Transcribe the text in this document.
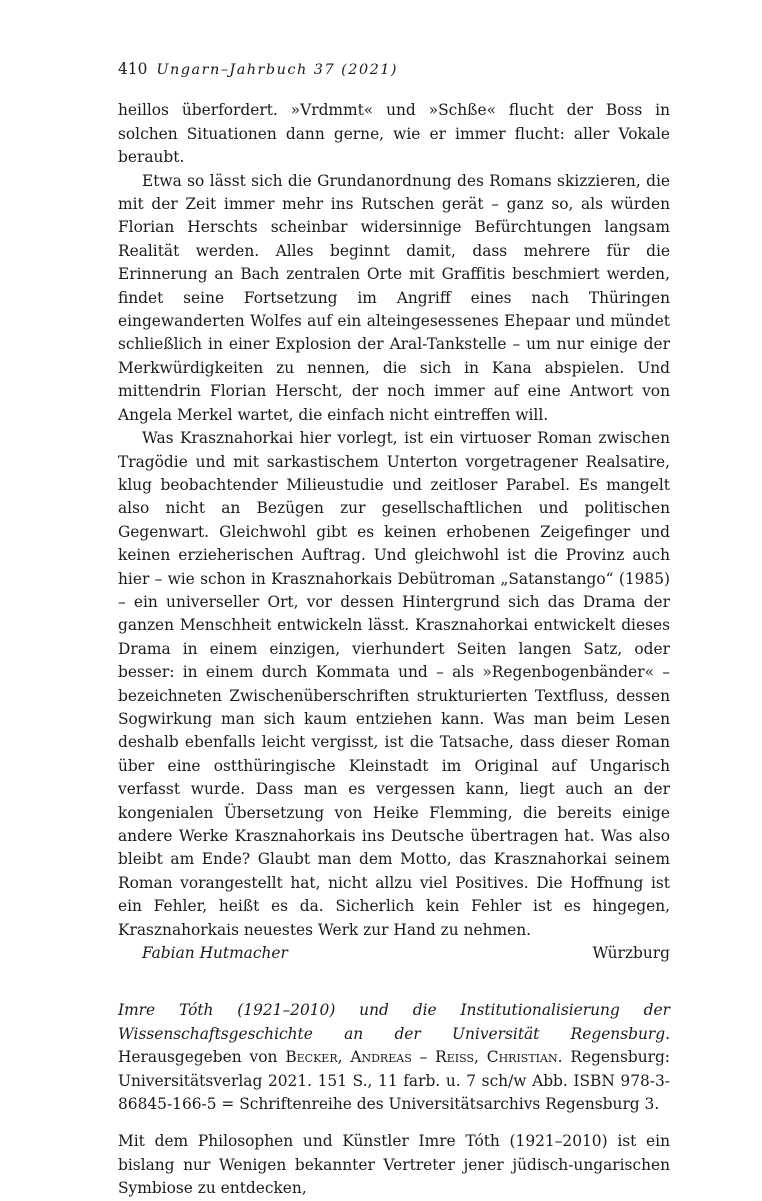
410 Ungarn–Jahrbuch 37 (2021)

heillos überfordert. »Vrdmmt« und »Schße« flucht der Boss in solchen Situationen dann gerne, wie er immer flucht: aller Vokale beraubt.

Etwa so lässt sich die Grundanordnung des Romans skizzieren, die mit der Zeit immer mehr ins Rutschen gerät – ganz so, als würden Florian Herschts scheinbar widersinnige Befürchtungen langsam Realität werden. Alles beginnt damit, dass mehrere für die Erinnerung an Bach zentralen Orte mit Graffitis beschmiert werden, findet seine Fortsetzung im Angriff eines nach Thüringen eingewanderten Wolfes auf ein alteingesessenes Ehepaar und mündet schließlich in einer Explosion der Aral-Tankstelle – um nur einige der Merkwürdigkeiten zu nennen, die sich in Kana abspielen. Und mittendrin Florian Herscht, der noch immer auf eine Antwort von Angela Merkel wartet, die einfach nicht eintreffen will.

Was Krasznahorkai hier vorlegt, ist ein virtuoser Roman zwischen Tragödie und mit sarkastischem Unterton vorgetragener Realsatire, klug beobachtender Milieustudie und zeitloser Parabel. Es mangelt also nicht an Bezügen zur gesellschaftlichen und politischen Gegenwart. Gleichwohl gibt es keinen erhobenen Zeigefinger und keinen erzieherischen Auftrag. Und gleichwohl ist die Provinz auch hier – wie schon in Krasznahorkais Debütroman „Satanstango“ (1985) – ein universeller Ort, vor dessen Hintergrund sich das Drama der ganzen Menschheit entwickeln lässt. Krasznahorkai entwickelt dieses Drama in einem einzigen, vierhundert Seiten langen Satz, oder besser: in einem durch Kommata und – als »Regenbogenbänder« – bezeichneten Zwischenüberschriften strukturierten Textfluss, dessen Sogwirkung man sich kaum entziehen kann. Was man beim Lesen deshalb ebenfalls leicht vergisst, ist die Tatsache, dass dieser Roman über eine ostthüringische Kleinstadt im Original auf Ungarisch verfasst wurde. Dass man es vergessen kann, liegt auch an der kongenialen Übersetzung von Heike Flemming, die bereits einige andere Werke Krasznahorkais ins Deutsche übertragen hat. Was also bleibt am Ende? Glaubt man dem Motto, das Krasznahorkai seinem Roman vorangestellt hat, nicht allzu viel Positives. Die Hoffnung ist ein Fehler, heißt es da. Sicherlich kein Fehler ist es hingegen, Krasznahorkais neuestes Werk zur Hand zu nehmen.

Fabian Hutmacher	Würzburg

Imre Tóth (1921–2010) und die Institutionalisierung der Wissenschaftsgeschichte an der Universität Regensburg. Herausgegeben von Becker, Andreas – Reiss, Christian. Regensburg: Universitätsverlag 2021. 151 S., 11 farb. u. 7 sch/w Abb. ISBN 978-3-86845-166-5 = Schriftenreihe des Universitätsarchivs Regensburg 3.

Mit dem Philosophen und Künstler Imre Tóth (1921–2010) ist ein bislang nur Wenigen bekannter Vertreter jener jüdisch-ungarischen Symbiose zu entdecken,
